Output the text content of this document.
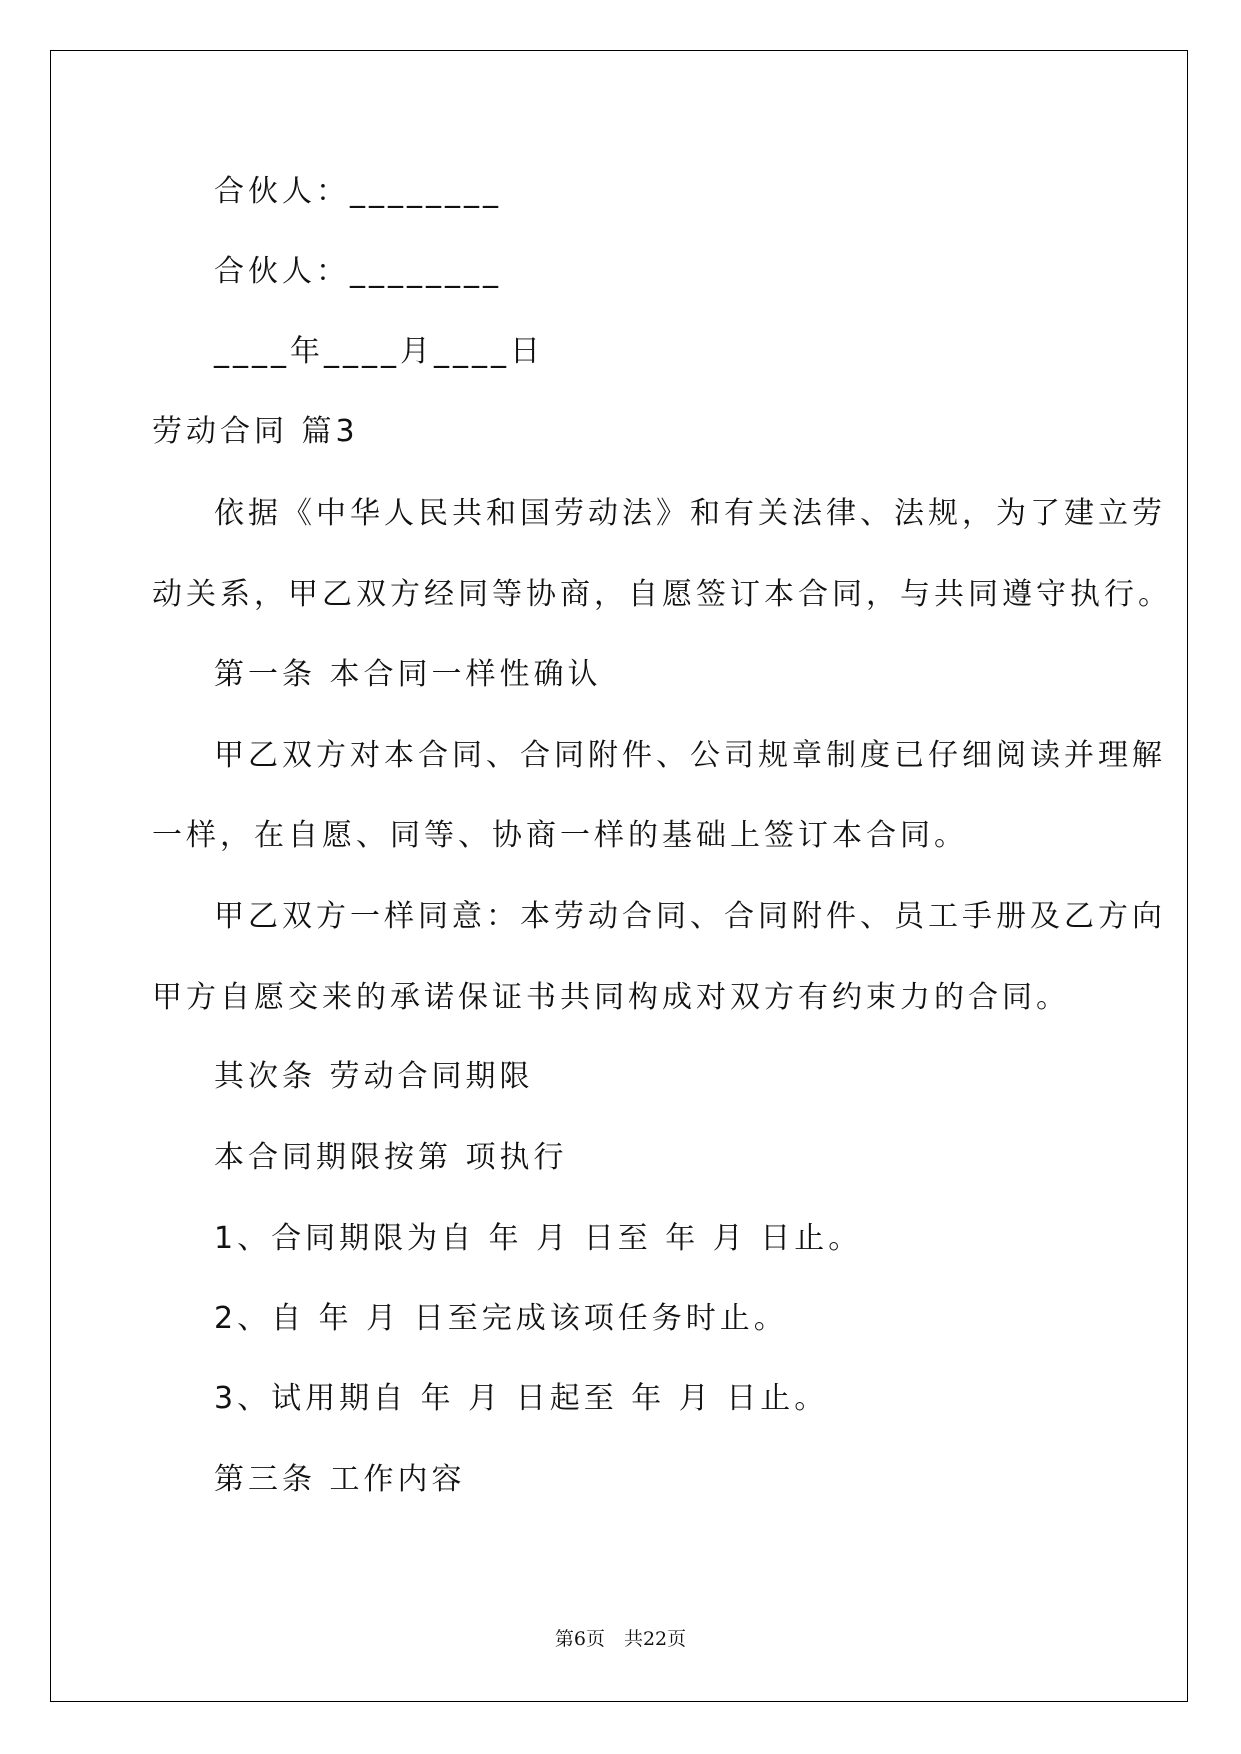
合伙人：________
合伙人：________
____年____月____日
劳动合同 篇3
依据《中华人民共和国劳动法》和有关法律、法规，为了建立劳
动关系，甲乙双方经同等协商，自愿签订本合同，与共同遵守执行。
第一条 本合同一样性确认
甲乙双方对本合同、合同附件、公司规章制度已仔细阅读并理解
一样，在自愿、同等、协商一样的基础上签订本合同。
甲乙双方一样同意：本劳动合同、合同附件、员工手册及乙方向
甲方自愿交来的承诺保证书共同构成对双方有约束力的合同。
其次条 劳动合同期限
本合同期限按第 项执行
1、合同期限为自 年 月 日至 年 月 日止。
2、自 年 月 日至完成该项任务时止。
3、试用期自 年 月 日起至 年 月 日止。
第三条 工作内容
第6页　共22页
